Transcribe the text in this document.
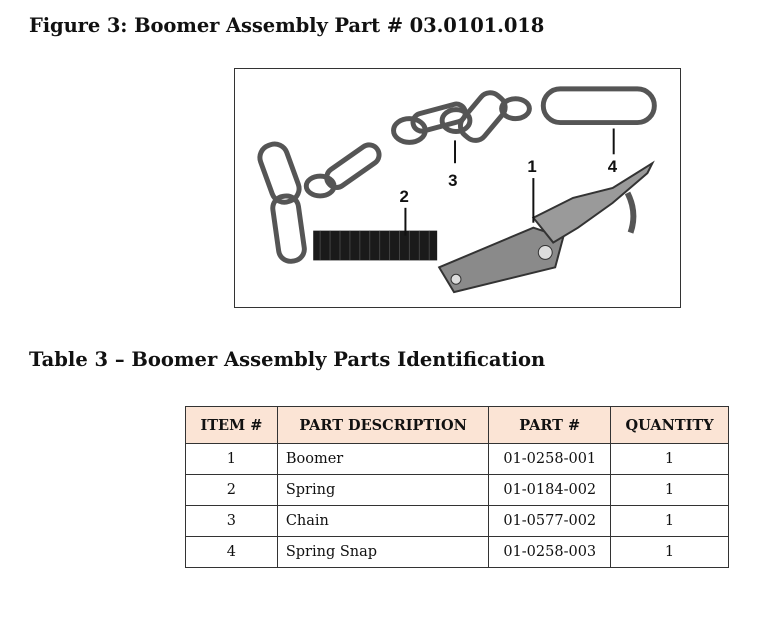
Figure 3: Boomer Assembly Part # 03.0101.018
1
2
3
4
Table 3 – Boomer Assembly Parts Identification
ITEM #	PART DESCRIPTION	PART #	QUANTITY
1	Boomer	01-0258-001	1
2	Spring	01-0184-002	1
3	Chain	01-0577-002	1
4	Spring Snap	01-0258-003	1
